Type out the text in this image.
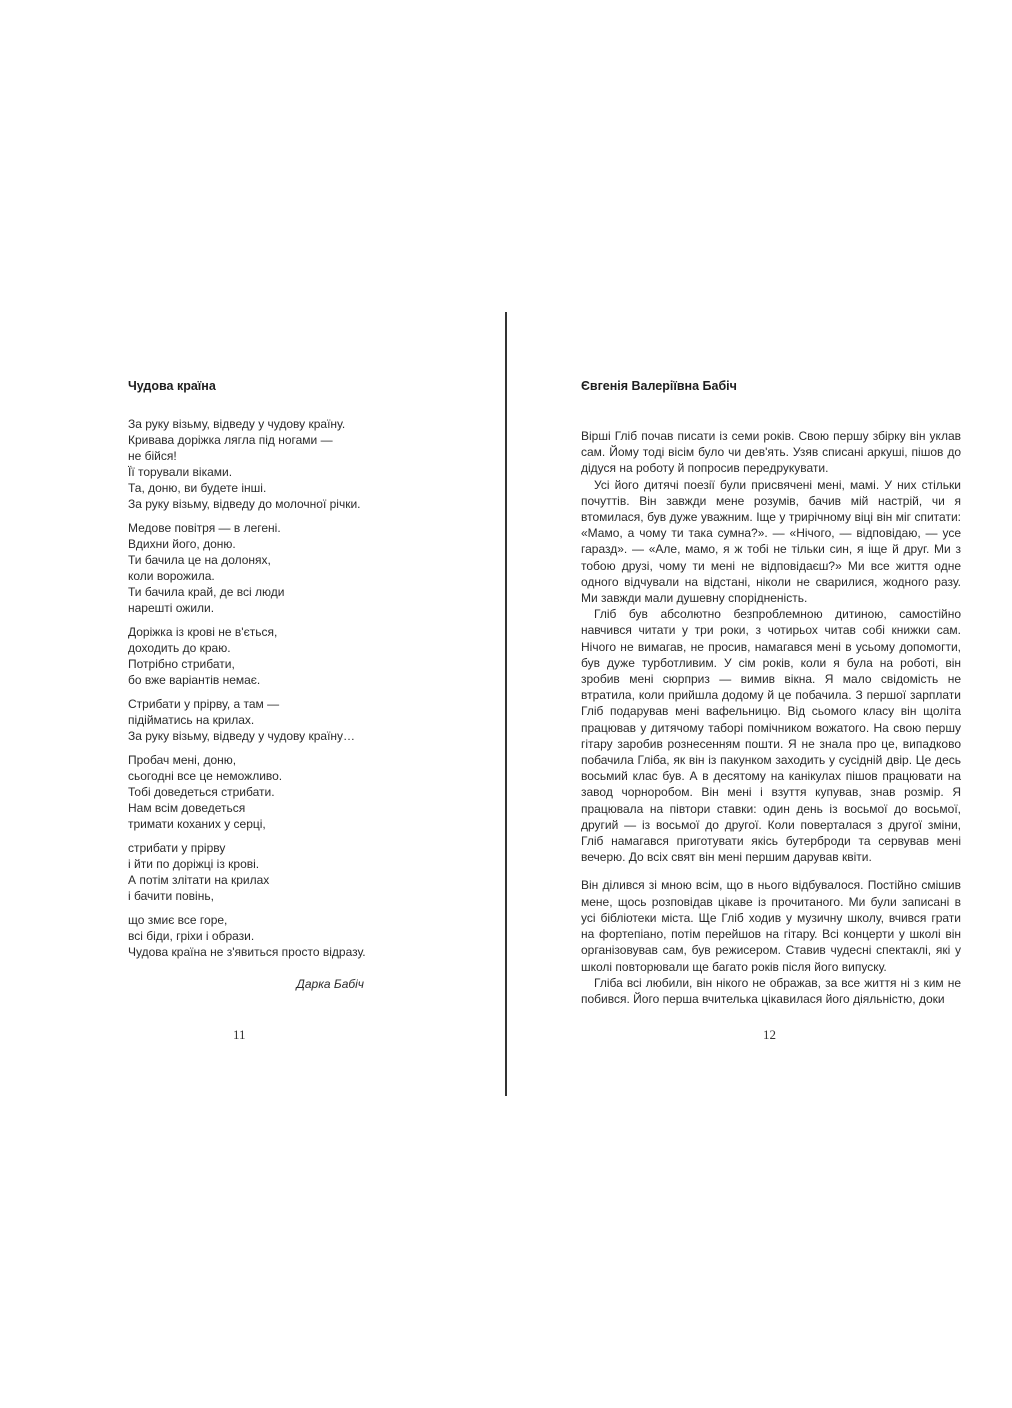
Чудова країна
За руку візьму, відведу у чудову країну.
Кривава доріжка лягла під ногами —
не бійся!
Її торували віками.
Та, доню, ви будете інші.
За руку візьму, відведу до молочної річки.
Медове повітря — в легені.
Вдихни його, доню.
Ти бачила це на долонях,
коли ворожила.
Ти бачила край, де всі люди
нарешті ожили.
Доріжка із крові не в'ється,
доходить до краю.
Потрібно стрибати,
бо вже варіантів немає.
Стрибати у прірву, а там —
підійматись на крилах.
За руку візьму, відведу у чудову країну…
Пробач мені, доню,
сьогодні все це неможливо.
Тобі доведеться стрибати.
Нам всім доведеться
тримати коханих у серці,
стрибати у прірву
і йти по доріжці із крові.
А потім злітати на крилах
і бачити повінь,
що змиє все горе,
всі біди, гріхи і образи.
Чудова країна не з'явиться просто відразу.
Дарка Бабіч
Євгенія Валеріївна Бабіч

Вірші Гліб почав писати із семи років. Свою першу збірку він уклав сам. Йому тоді вісім було чи дев'ять. Узяв списані аркуші, пішов до дідуся на роботу й попросив передрукувати.

Усі його дитячі поезії були присвячені мені, мамі. У них стільки почуттів. Він завжди мене розумів, бачив мій настрій, чи я втомилася, був дуже уважним. Іще у трирічному віці він міг спитати: «Мамо, а чому ти така сумна?». — «Нічого, — відповідаю, — усе гаразд». — «Але, мамо, я ж тобі не тільки син, я іще й друг. Ми з тобою друзі, чому ти мені не відповідаєш?» Ми все життя одне одного відчували на відстані, ніколи не сварилися, жодного разу. Ми завжди мали душевну спорідненість.

Гліб був абсолютно безпроблемною дитиною, самостійно навчився читати у три роки, з чотирьох читав собі книжки сам. Нічого не вимагав, не просив, намагався мені в усьому допомогти, був дуже турботливим. У сім років, коли я була на роботі, він зробив мені сюрприз — вимив вікна. Я мало свідомість не втратила, коли прийшла додому й це побачила. З першої зарплати Гліб подарував мені вафельницю. Від сьомого класу він щоліта працював у дитячому таборі помічником вожатого. На свою першу гітару заробив рознесенням пошти. Я не знала про це, випадково побачила Гліба, як він із пакунком заходить у сусідній двір. Це десь восьмий клас був. А в десятому на канікулах пішов працювати на завод чорноробом. Він мені і взуття купував, знав розмір. Я працювала на півтори ставки: один день із восьмої до восьмої, другий — із восьмої до другої. Коли поверталася з другої зміни, Гліб намагався приготувати якісь бутерброди та сервував мені вечерю. До всіх свят він мені першим дарував квіти.

Він ділився зі мною всім, що в нього відбувалося. Постійно смішив мене, щось розповідав цікаве із прочитаного. Ми були записані в усі бібліотеки міста. Ще Гліб ходив у музичну школу, вчився грати на фортепіано, потім перейшов на гітару. Всі концерти у школі він організовував сам, був режисером. Ставив чудесні спектаклі, які у школі повторювали ще багато років після його випуску.

Гліба всі любили, він нікого не ображав, за все життя ні з ким не побився. Його перша вчителька цікавилася його діяльністю, доки

11	12
